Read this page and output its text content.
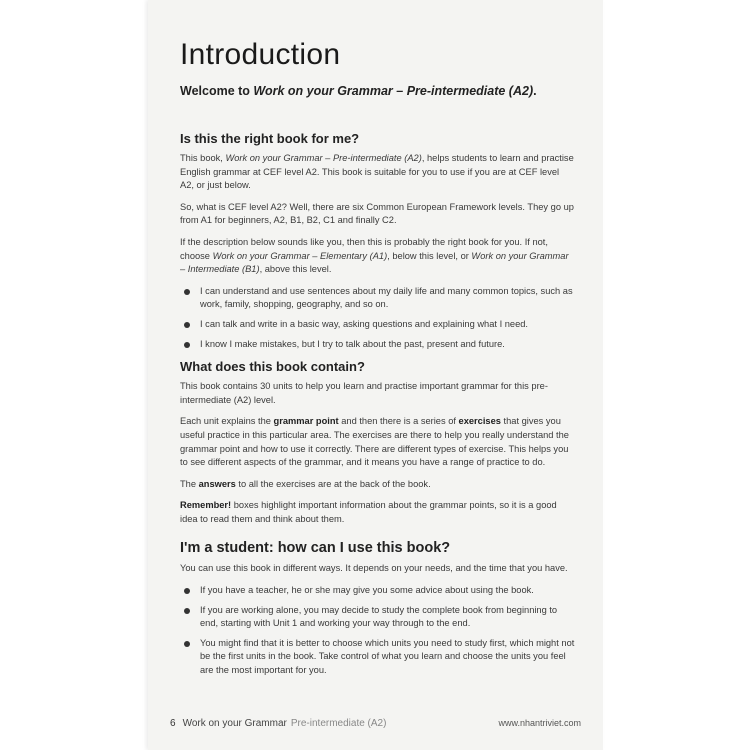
Introduction
Welcome to Work on your Grammar – Pre-intermediate (A2).
Is this the right book for me?

This book, Work on your Grammar – Pre-intermediate (A2), helps students to learn and practise English grammar at CEF level A2. This book is suitable for you to use if you are at CEF level A2, or just below.

So, what is CEF level A2? Well, there are six Common European Framework levels. They go up from A1 for beginners, A2, B1, B2, C1 and finally C2.

If the description below sounds like you, then this is probably the right book for you. If not, choose Work on your Grammar – Elementary (A1), below this level, or Work on your Grammar – Intermediate (B1), above this level.

I can understand and use sentences about my daily life and many common topics, such as work, family, shopping, geography, and so on.
I can talk and write in a basic way, asking questions and explaining what I need.
I know I make mistakes, but I try to talk about the past, present and future.
What does this book contain?

This book contains 30 units to help you learn and practise important grammar for this pre-intermediate (A2) level.

Each unit explains the grammar point and then there is a series of exercises that gives you useful practice in this particular area. The exercises are there to help you really understand the grammar point and how to use it correctly. There are different types of exercise. This helps you to see different aspects of the grammar, and it means you have a range of practice to do.

The answers to all the exercises are at the back of the book.

Remember! boxes highlight important information about the grammar points, so it is a good idea to read them and think about them.

I'm a student: how can I use this book?

You can use this book in different ways. It depends on your needs, and the time that you have.

If you have a teacher, he or she may give you some advice about using the book.
If you are working alone, you may decide to study the complete book from beginning to end, starting with Unit 1 and working your way through to the end.
You might find that it is better to choose which units you need to study first, which might not be the first units in the book. Take control of what you learn and choose the units you feel are the most important for you.
6 Work on your Grammar Pre-intermediate (A2)	www.nhantriviet.com
